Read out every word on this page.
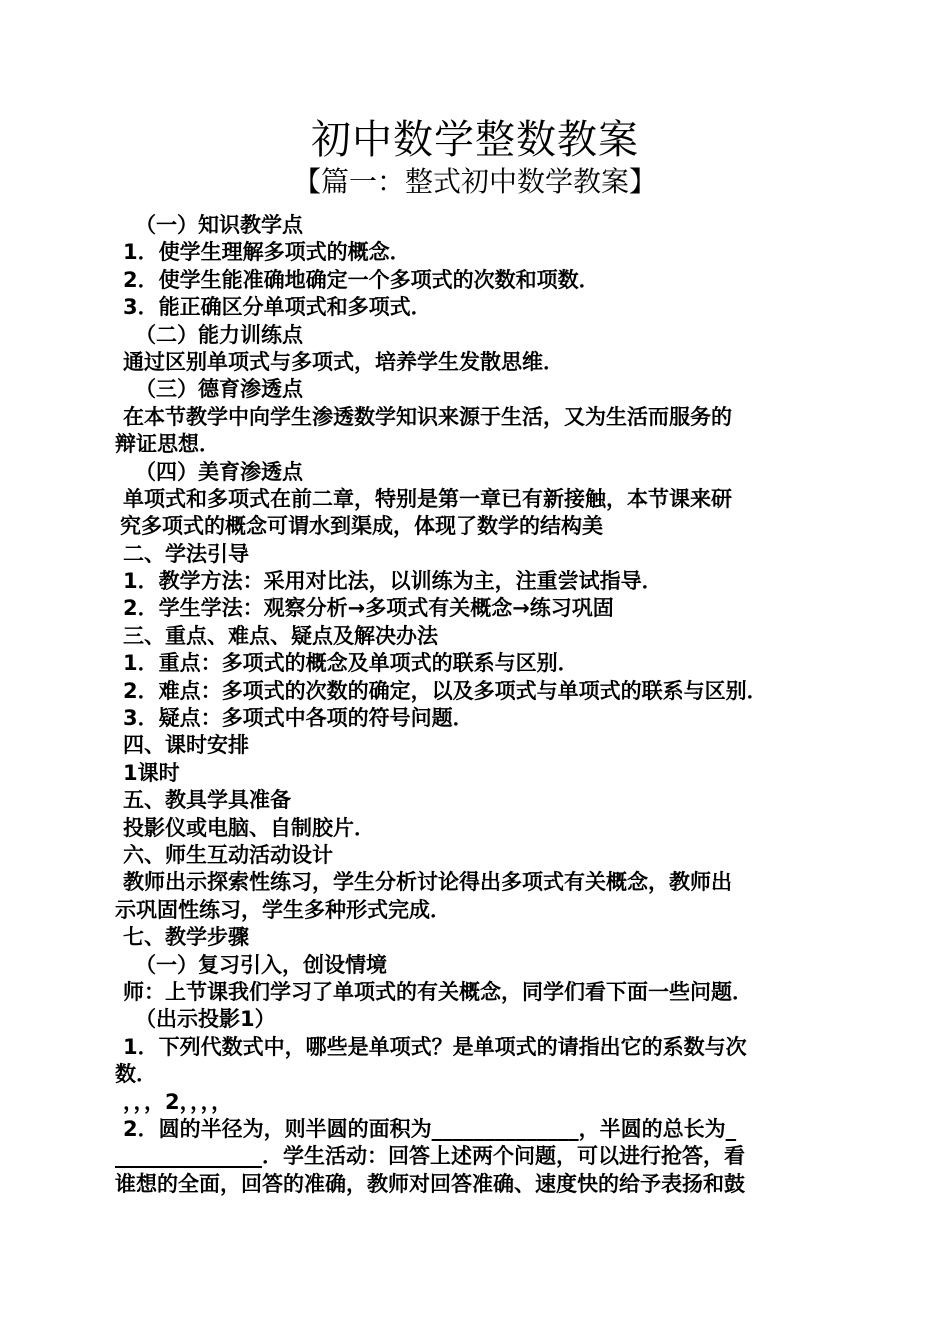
初中数学整数教案
【篇一：整式初中数学教案】
（一）知识教学点
1．使学生理解多项式的概念．
2．使学生能准确地确定一个多项式的次数和项数．
3．能正确区分单项式和多项式．
（二）能力训练点
通过区别单项式与多项式，培养学生发散思维．
（三）德育渗透点
在本节教学中向学生渗透数学知识来源于生活，又为生活而服务的
辩证思想．
（四）美育渗透点
单项式和多项式在前二章，特别是第一章已有新接触，本节课来研
究多项式的概念可谓水到渠成，体现了数学的结构美
二、学法引导
1．教学方法：采用对比法，以训练为主，注重尝试指导．
2．学生学法：观察分析→多项式有关概念→练习巩固
三、重点、难点、疑点及解决办法
1．重点：多项式的概念及单项式的联系与区别．
2．难点：多项式的次数的确定，以及多项式与单项式的联系与区别．
3．疑点：多项式中各项的符号问题．
四、课时安排
1课时
五、教具学具准备
投影仪或电脑、自制胶片．
六、师生互动活动设计
教师出示探索性练习，学生分析讨论得出多项式有关概念，教师出
示巩固性练习，学生多种形式完成．
七、教学步骤
（一）复习引入，创设情境
师：上节课我们学习了单项式的有关概念，同学们看下面一些问题．
（出示投影1）
1．下列代数式中，哪些是单项式？是单项式的请指出它的系数与次
数．
，，，2，，，，
2．圆的半径为，则半圆的面积为______________，半圆的总长为_
______________．学生活动：回答上述两个问题，可以进行抢答，看
谁想的全面，回答的准确，教师对回答准确、速度快的给予表扬和鼓
